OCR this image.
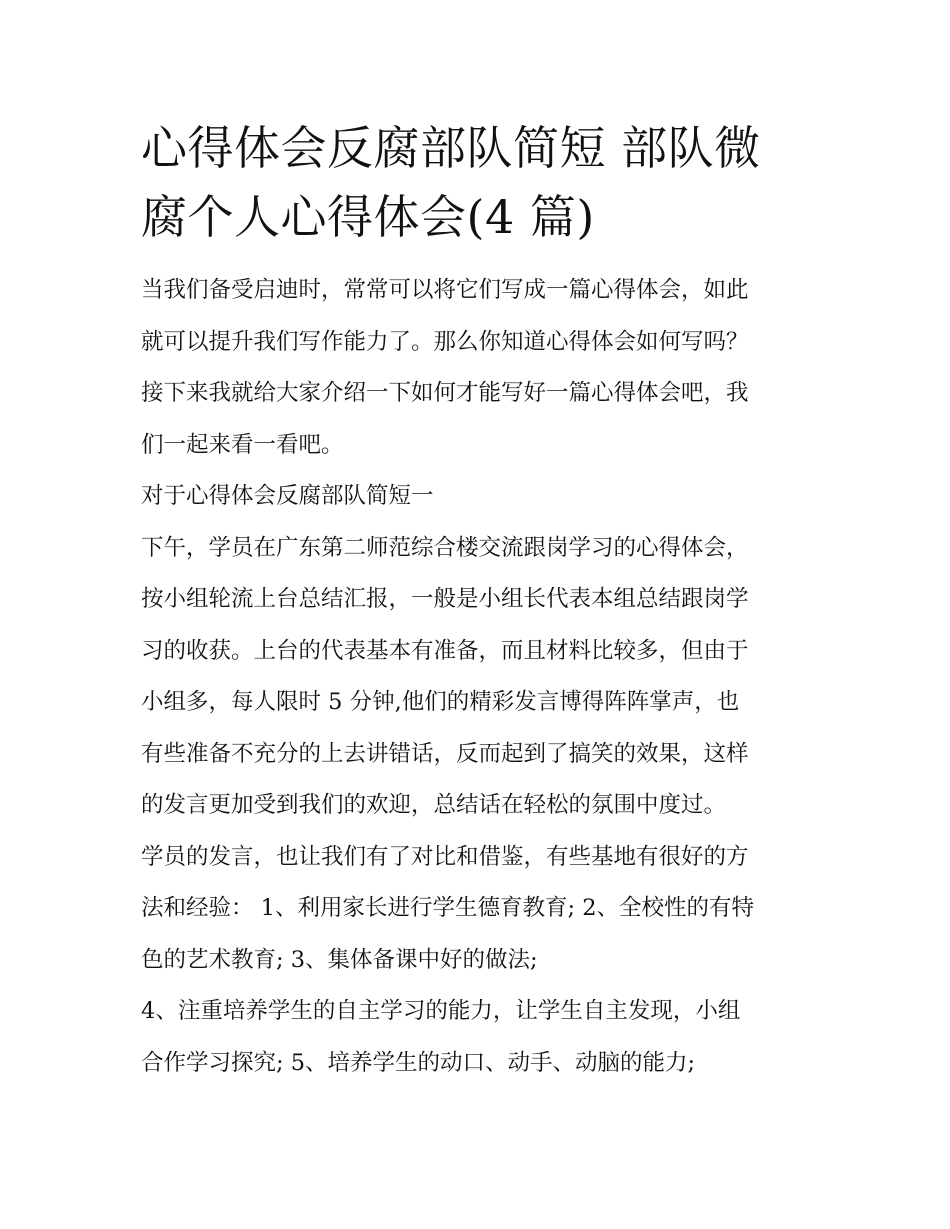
心得体会反腐部队简短 部队微
腐个人心得体会(4 篇)
当我们备受启迪时，常常可以将它们写成一篇心得体会，如此
就可以提升我们写作能力了。那么你知道心得体会如何写吗？
接下来我就给大家介绍一下如何才能写好一篇心得体会吧，我
们一起来看一看吧。
对于心得体会反腐部队简短一
下午，学员在广东第二师范综合楼交流跟岗学习的心得体会，
按小组轮流上台总结汇报，一般是小组长代表本组总结跟岗学
习的收获。上台的代表基本有准备，而且材料比较多，但由于
小组多，每人限时 5 分钟,他们的精彩发言博得阵阵掌声，也
有些准备不充分的上去讲错话，反而起到了搞笑的效果，这样
的发言更加受到我们的欢迎，总结话在轻松的氛围中度过。
学员的发言，也让我们有了对比和借鉴，有些基地有很好的方
法和经验： 1、利用家长进行学生德育教育; 2、全校性的有特
色的艺术教育; 3、集体备课中好的做法;
4、注重培养学生的自主学习的能力，让学生自主发现，小组
合作学习探究; 5、培养学生的动口、动手、动脑的能力;
